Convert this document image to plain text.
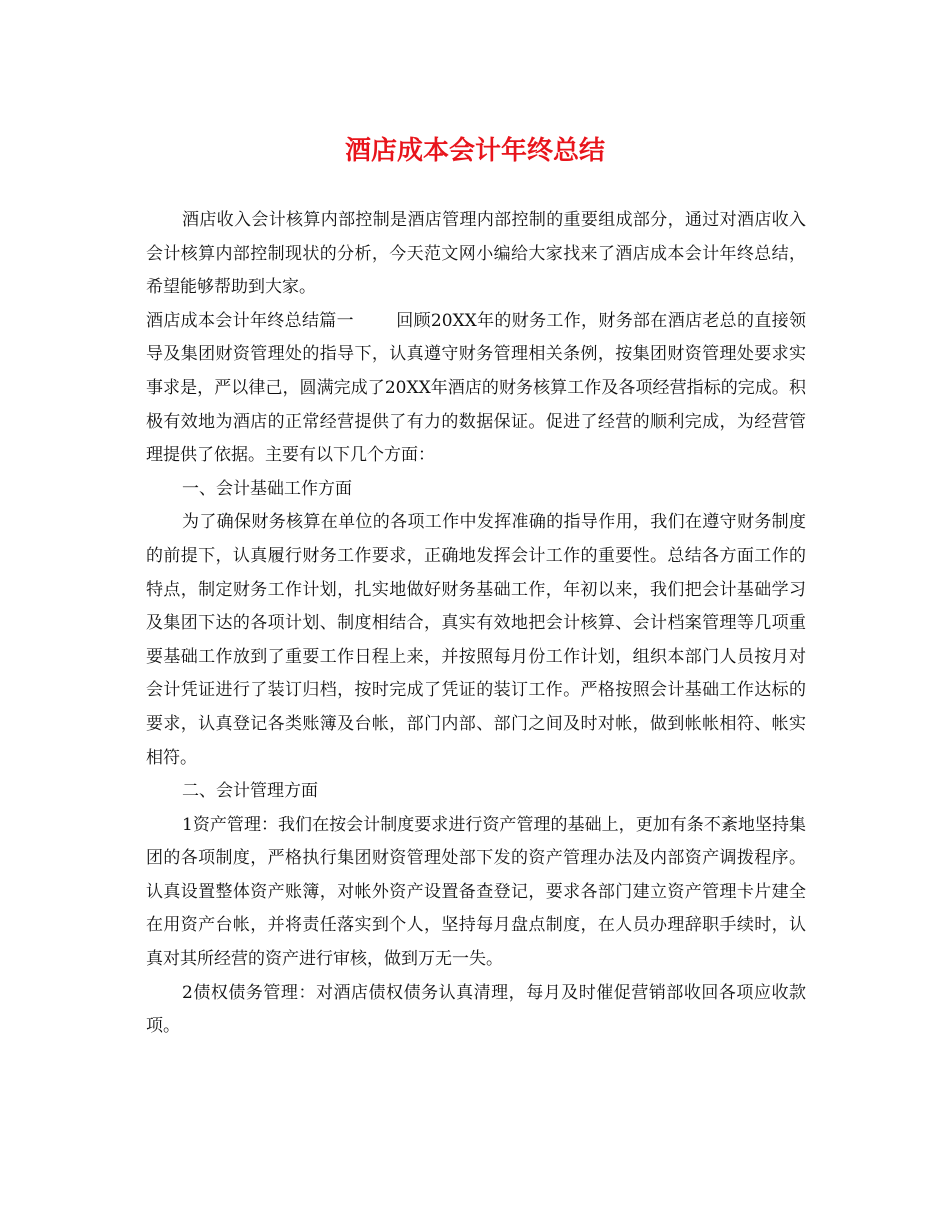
酒店成本会计年终总结

酒店收入会计核算内部控制是酒店管理内部控制的重要组成部分，通过对酒店收入会计核算内部控制现状的分析，今天范文网小编给大家找来了酒店成本会计年终总结，希望能够帮助到大家。

酒店成本会计年终总结篇一 回顾20XX年的财务工作，财务部在酒店老总的直接领导及集团财资管理处的指导下，认真遵守财务管理相关条例，按集团财资管理处要求实事求是，严以律己，圆满完成了20XX年酒店的财务核算工作及各项经营指标的完成。积极有效地为酒店的正常经营提供了有力的数据保证。促进了经营的顺利完成，为经营管理提供了依据。主要有以下几个方面：

一、会计基础工作方面

为了确保财务核算在单位的各项工作中发挥准确的指导作用，我们在遵守财务制度的前提下，认真履行财务工作要求，正确地发挥会计工作的重要性。总结各方面工作的特点，制定财务工作计划，扎实地做好财务基础工作，年初以来，我们把会计基础学习及集团下达的各项计划、制度相结合，真实有效地把会计核算、会计档案管理等几项重要基础工作放到了重要工作日程上来，并按照每月份工作计划，组织本部门人员按月对会计凭证进行了装订归档，按时完成了凭证的装订工作。严格按照会计基础工作达标的要求，认真登记各类账簿及台帐，部门内部、部门之间及时对帐，做到帐帐相符、帐实相符。

二、会计管理方面

1资产管理：我们在按会计制度要求进行资产管理的基础上，更加有条不紊地坚持集团的各项制度，严格执行集团财资管理处部下发的资产管理办法及内部资产调拨程序。认真设置整体资产账簿，对帐外资产设置备查登记，要求各部门建立资产管理卡片建全在用资产台帐，并将责任落实到个人，坚持每月盘点制度，在人员办理辞职手续时，认真对其所经营的资产进行审核，做到万无一失。

2债权债务管理：对酒店债权债务认真清理，每月及时催促营销部收回各项应收款项。
